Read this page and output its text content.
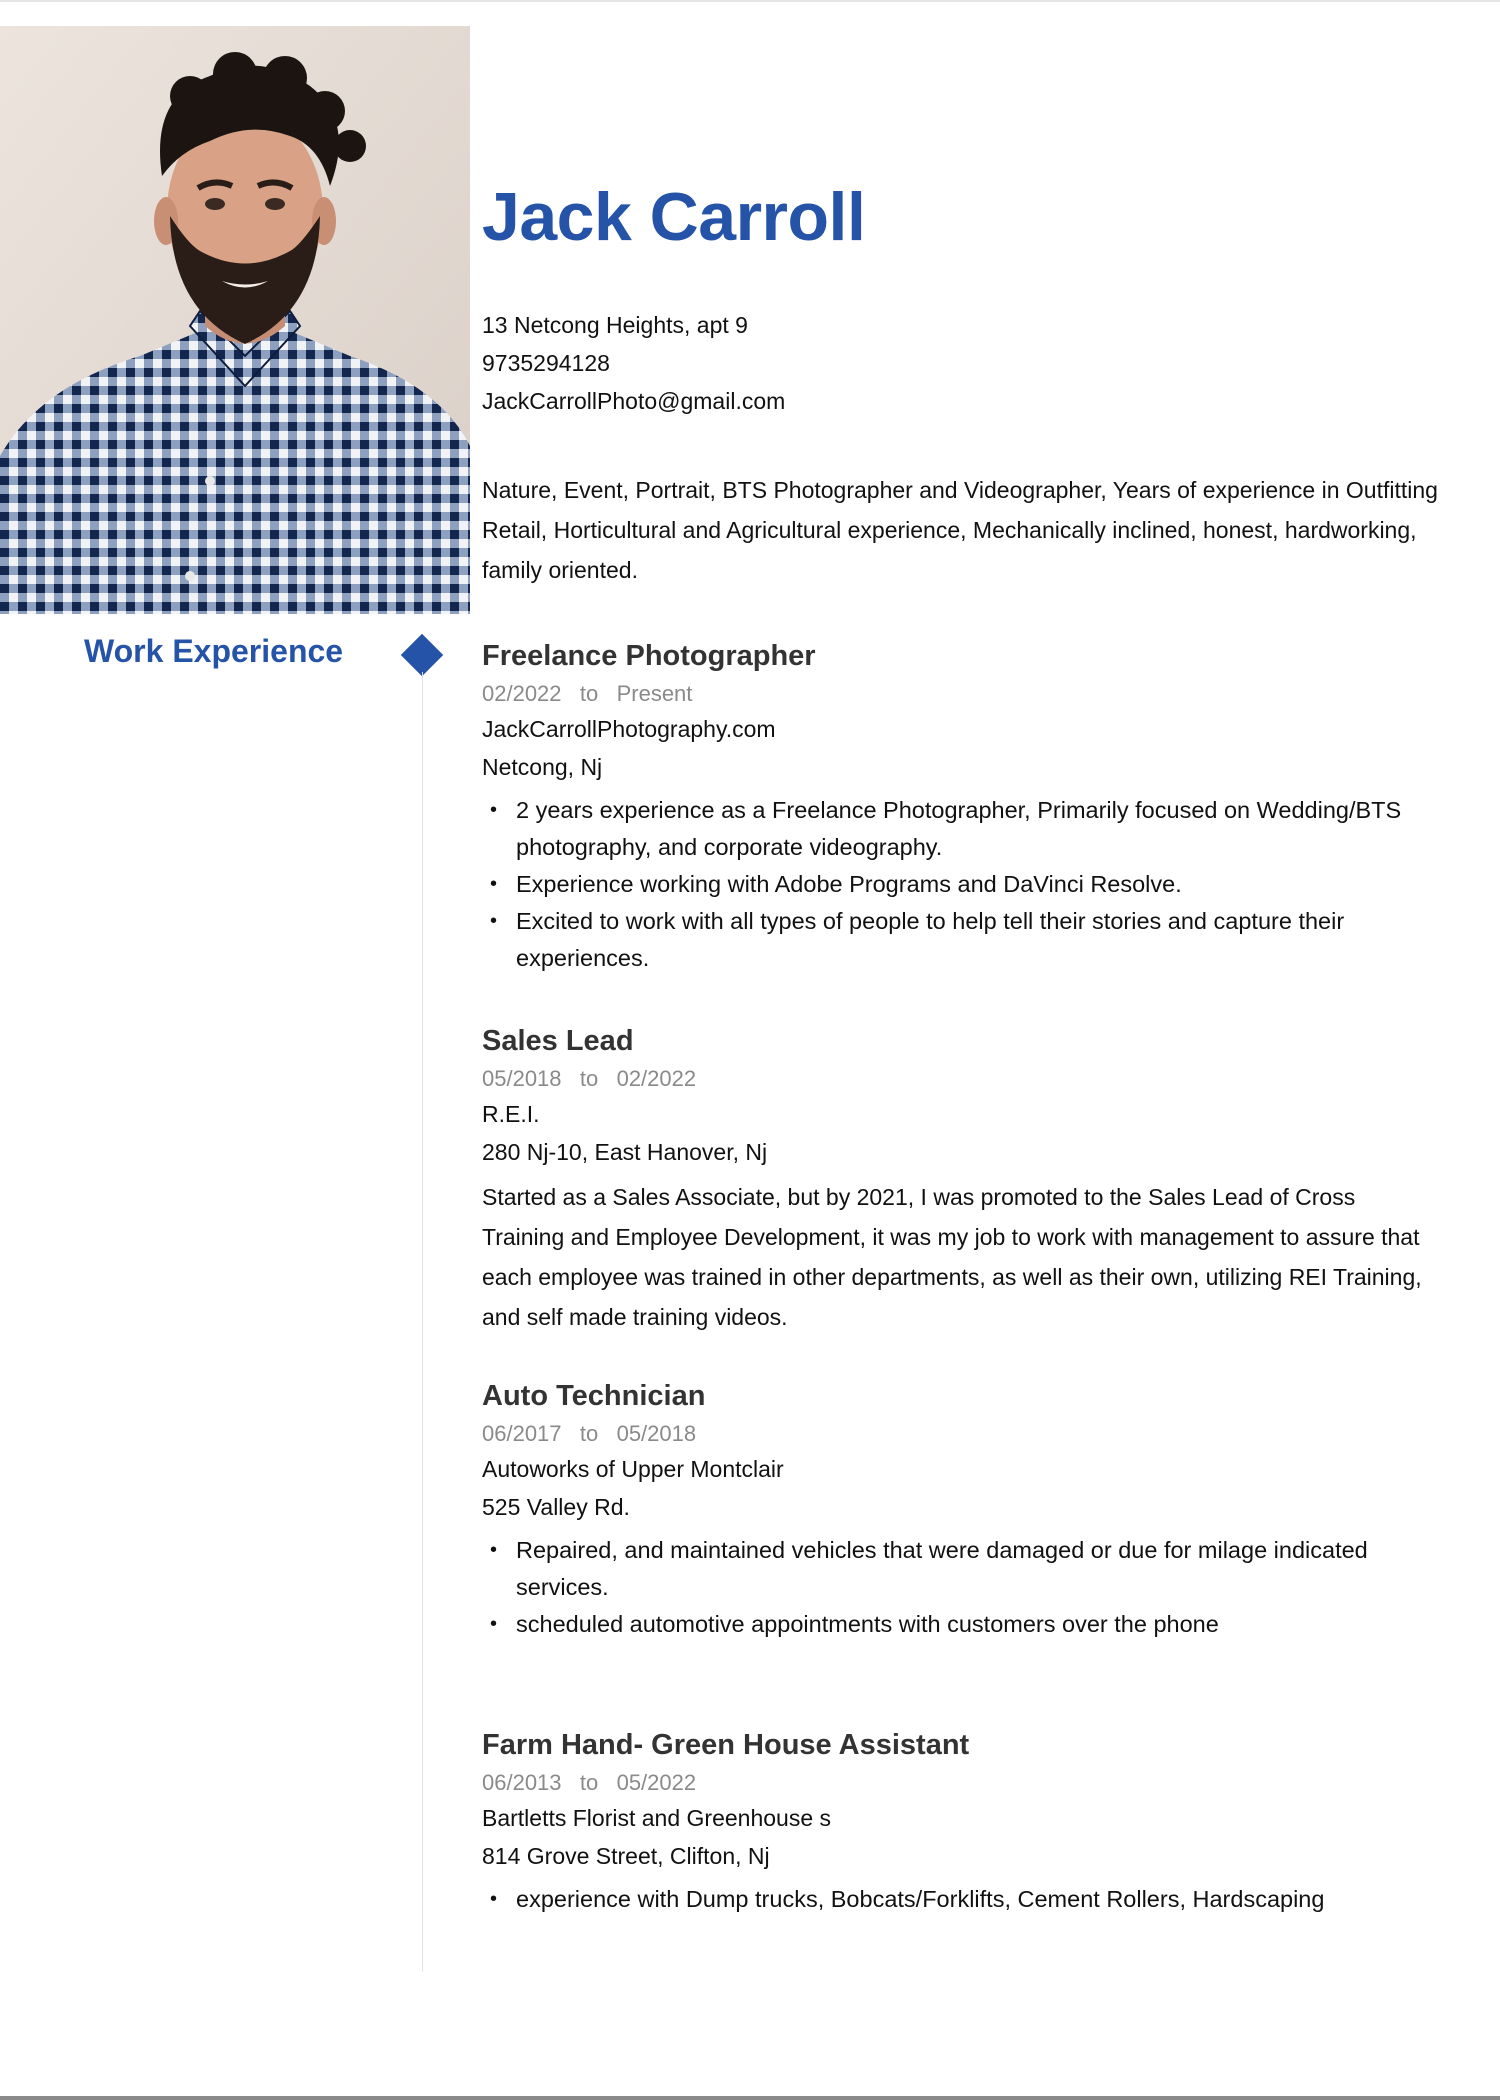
Jack Carroll
13 Netcong Heights, apt 9
9735294128
JackCarrollPhoto@gmail.com
Nature, Event, Portrait, BTS Photographer and Videographer, Years of experience in Outfitting Retail, Horticultural and Agricultural experience, Mechanically inclined, honest, hardworking, family oriented.
Work Experience	Freelance Photographer
02/2022 to Present
JackCarrollPhotography.com
Netcong, Nj
• 2 years experience as a Freelance Photographer, Primarily focused on Wedding/BTS photography, and corporate videography.
• Experience working with Adobe Programs and DaVinci Resolve.
• Excited to work with all types of people to help tell their stories and capture their experiences.
Sales Lead
05/2018 to 02/2022
R.E.I.
280 Nj-10, East Hanover, Nj
Started as a Sales Associate, but by 2021, I was promoted to the Sales Lead of Cross Training and Employee Development, it was my job to work with management to assure that each employee was trained in other departments, as well as their own, utilizing REI Training, and self made training videos.
Auto Technician
06/2017 to 05/2018
Autoworks of Upper Montclair
525 Valley Rd.
• Repaired, and maintained vehicles that were damaged or due for milage indicated services.
• scheduled automotive appointments with customers over the phone
Farm Hand- Green House Assistant
06/2013 to 05/2022
Bartletts Florist and Greenhouse s
814 Grove Street, Clifton, Nj
• experience with Dump trucks, Bobcats/Forklifts, Cement Rollers, Hardscaping
